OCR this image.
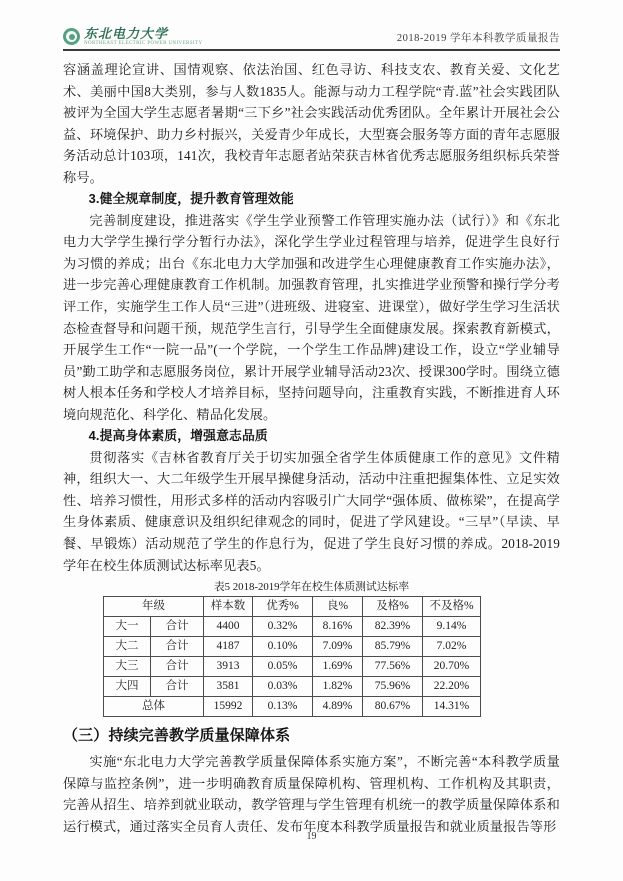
东北电力大学
NORTHEAST ELECTRIC POWER UNIVERSITY	2018-2019 学年本科教学质量报告

容涵盖理论宣讲、国情观察、依法治国、红色寻访、科技支农、教育关爱、文化艺术、美丽中国8大类别，参与人数1835人。能源与动力工程学院“青.蓝”社会实践团队被评为全国大学生志愿者暑期“三下乡”社会实践活动优秀团队。全年累计开展社会公益、环境保护、助力乡村振兴，关爱青少年成长，大型赛会服务等方面的青年志愿服务活动总计103项，141次，我校青年志愿者站荣获吉林省优秀志愿服务组织标兵荣誉称号。

3.健全规章制度，提升教育管理效能

完善制度建设，推进落实《学生学业预警工作管理实施办法（试行）》和《东北电力大学学生操行学分暂行办法》，深化学生学业过程管理与培养，促进学生良好行为习惯的养成；出台《东北电力大学加强和改进学生心理健康教育工作实施办法》，进一步完善心理健康教育工作机制。加强教育管理，扎实推进学业预警和操行学分考评工作，实施学生工作人员“三进”（进班级、进寝室、进课堂），做好学生学习生活状态检查督导和问题干预，规范学生言行，引导学生全面健康发展。探索教育新模式，开展学生工作“一院一品”(一个学院，一个学生工作品牌)建设工作，设立“学业辅导员”勤工助学和志愿服务岗位，累计开展学业辅导活动23次、授课300学时。围绕立德树人根本任务和学校人才培养目标，坚持问题导向，注重教育实践，不断推进育人环境向规范化、科学化、精品化发展。

4.提高身体素质，增强意志品质

贯彻落实《吉林省教育厅关于切实加强全省学生体质健康工作的意见》文件精神，组织大一、大二年级学生开展早操健身活动，活动中注重把握集体性、立足实效性、培养习惯性，用形式多样的活动内容吸引广大同学“强体质、做栋梁”，在提高学生身体素质、健康意识及组织纪律观念的同时，促进了学风建设。“三早”（早读、早餐、早锻炼）活动规范了学生的作息行为，促进了学生良好习惯的养成。2018-2019学年在校生体质测试达标率见表5。

表5 2018-2019学年在校生体质测试达标率
年级		样本数	优秀%	良%	及格%	不及格%
大一	合计	4400	0.32%	8.16%	82.39%	9.14%
大二	合计	4187	0.10%	7.09%	85.79%	7.02%
大三	合计	3913	0.05%	1.69%	77.56%	20.70%
大四	合计	3581	0.03%	1.82%	75.96%	22.20%
总体		15992	0.13%	4.89%	80.67%	14.31%
（三）持续完善教学质量保障体系

实施“东北电力大学完善教学质量保障体系实施方案”，不断完善“本科教学质量保障与监控条例”，进一步明确教育质量保障机构、管理机构、工作机构及其职责，完善从招生、培养到就业联动，教学管理与学生管理有机统一的教学质量保障体系和运行模式，通过落实全员育人责任、发布年度本科教学质量报告和就业质量报告等形

19
